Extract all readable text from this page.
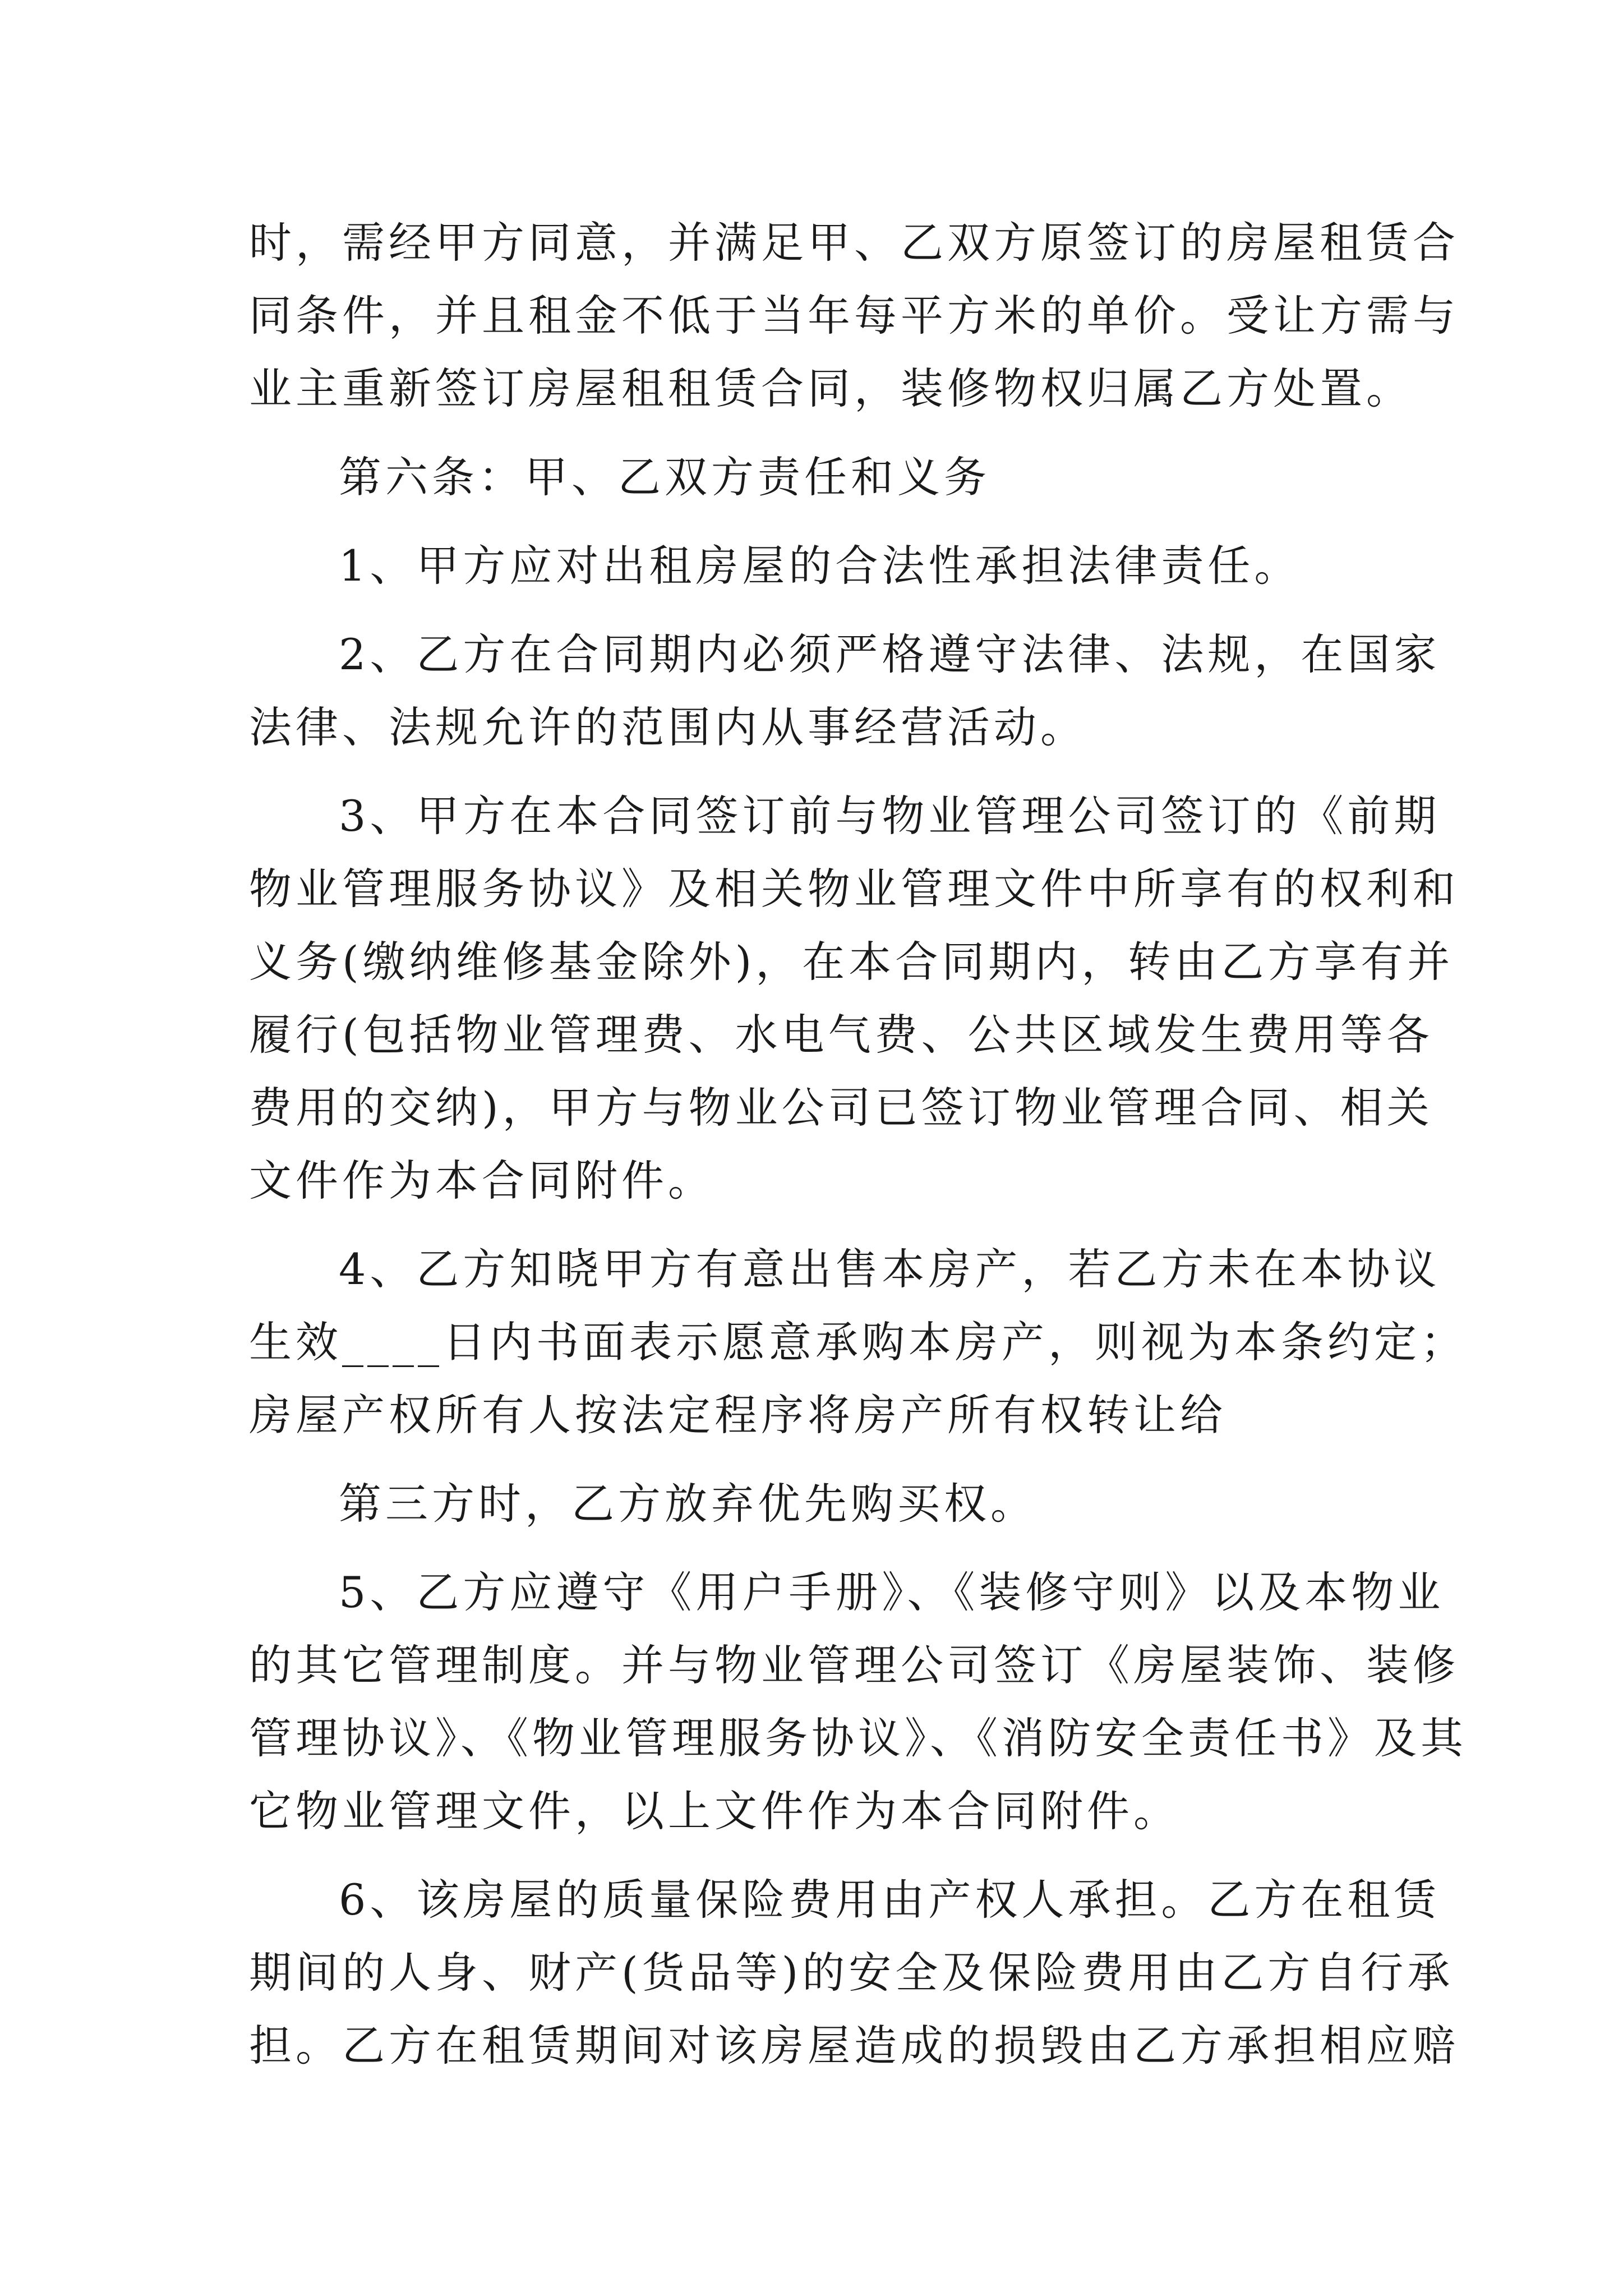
时，需经甲方同意，并满足甲、乙双方原签订的房屋租赁合
同条件，并且租金不低于当年每平方米的单价。受让方需与
业主重新签订房屋租租赁合同，装修物权归属乙方处置。
第六条：甲、乙双方责任和义务
1、甲方应对出租房屋的合法性承担法律责任。
2、乙方在合同期内必须严格遵守法律、法规，在国家
法律、法规允许的范围内从事经营活动。
3、甲方在本合同签订前与物业管理公司签订的《前期
物业管理服务协议》及相关物业管理文件中所享有的权利和
义务(缴纳维修基金除外)，在本合同期内，转由乙方享有并
履行(包括物业管理费、水电气费、公共区域发生费用等各
费用的交纳)，甲方与物业公司已签订物业管理合同、相关
文件作为本合同附件。
4、乙方知晓甲方有意出售本房产，若乙方未在本协议
生效____日内书面表示愿意承购本房产，则视为本条约定；
房屋产权所有人按法定程序将房产所有权转让给
第三方时，乙方放弃优先购买权。
5、乙方应遵守《用户手册》、《装修守则》以及本物业
的其它管理制度。并与物业管理公司签订《房屋装饰、装修
管理协议》、《物业管理服务协议》、《消防安全责任书》及其
它物业管理文件，以上文件作为本合同附件。
6、该房屋的质量保险费用由产权人承担。乙方在租赁
期间的人身、财产(货品等)的安全及保险费用由乙方自行承
担。乙方在租赁期间对该房屋造成的损毁由乙方承担相应赔
